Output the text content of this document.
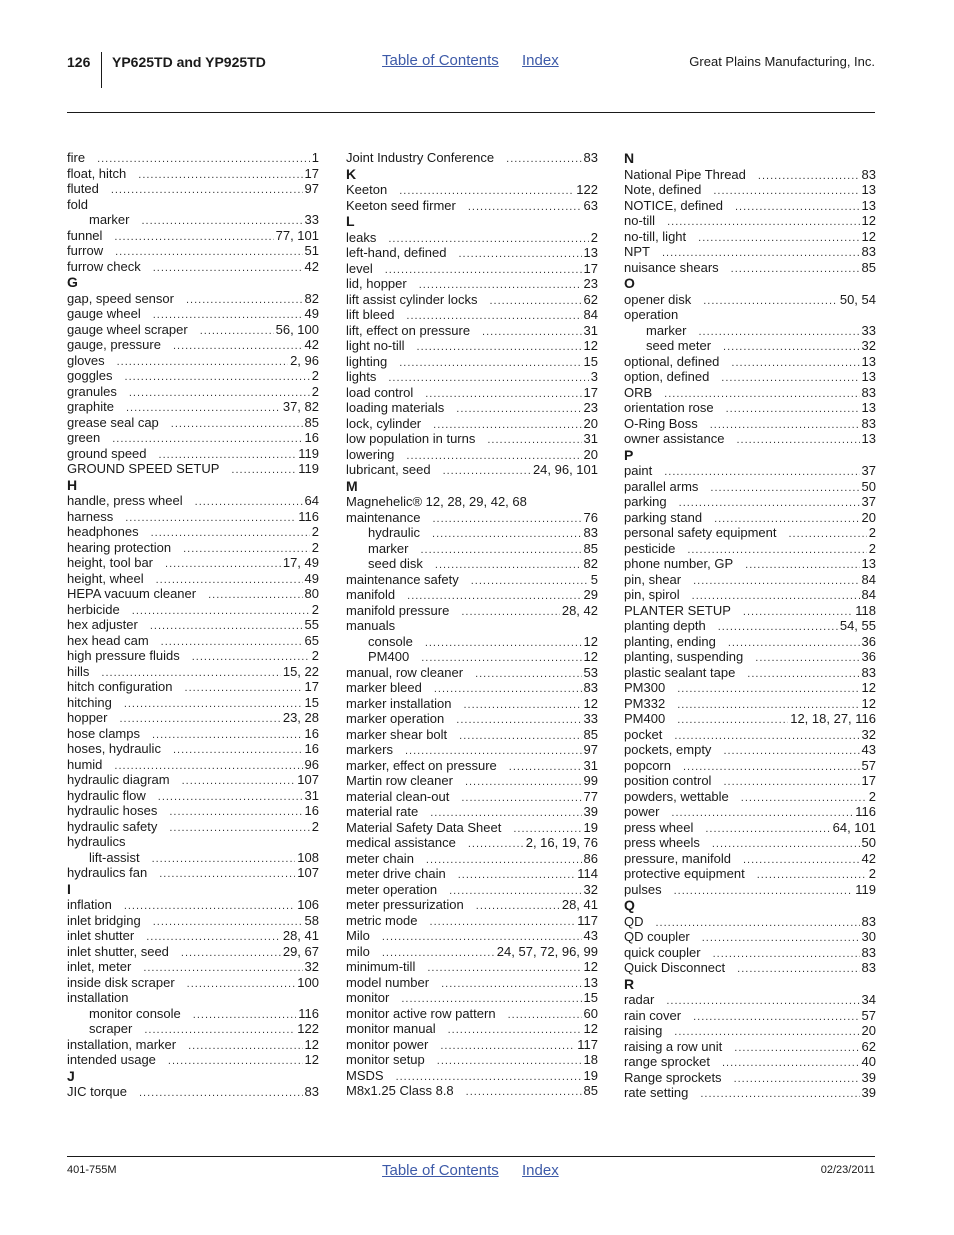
126 YP625TD and YP925TD	Table of Contents Index	Great Plains Manufacturing, Inc.
fire .....	1
float, hitch .....	17
fluted .....	97
fold
marker .....	33
funnel .....	77, 101
furrow .....	51
furrow check .....	42
G
gap, speed sensor .....	82
gauge wheel .....	49
gauge wheel scraper .....	56, 100
gauge, pressure .....	42
gloves .....	2, 96
goggles .....	2
granules .....	2
graphite .....	37, 82
grease seal cap .....	85
green .....	16
ground speed .....	119
GROUND SPEED SETUP .....	119
H
handle, press wheel .....	64
harness .....	116
headphones .....	2
hearing protection .....	2
height, tool bar .....	17, 49
height, wheel .....	49
HEPA vacuum cleaner .....	80
herbicide .....	2
hex adjuster .....	55
hex head cam .....	65
high pressure fluids .....	2
hills .....	15, 22
hitch configuration .....	17
hitching .....	15
hopper .....	23, 28
hose clamps .....	16
hoses, hydraulic .....	16
humid .....	96
hydraulic diagram .....	107
hydraulic flow .....	31
hydraulic hoses .....	16
hydraulic safety .....	2
hydraulics
lift-assist .....	108
hydraulics fan .....	107
I
inflation .....	106
inlet bridging .....	58
inlet shutter .....	28, 41
inlet shutter, seed .....	29, 67
inlet, meter .....	32
inside disk scraper .....	100
installation
monitor console .....	116
scraper .....	122
installation, marker .....	12
intended usage .....	12
J
JIC torque .....	83
Joint Industry Conference .....	83
K
Keeton .....	122
Keeton seed firmer .....	63
L
leaks .....	2
left-hand, defined .....	13
level .....	17
lid, hopper .....	23
lift assist cylinder locks .....	62
lift bleed .....	84
lift, effect on pressure .....	31
light no-till .....	12
lighting .....	15
lights .....	3
load control .....	17
loading materials .....	23
lock, cylinder .....	20
low population in turns .....	31
lowering .....	20
lubricant, seed .....	24, 96, 101
M
Magnehelic® 12, 28, 29, 42, 68
maintenance .....	76
hydraulic .....	83
marker .....	85
seed disk .....	82
maintenance safety .....	5
manifold .....	29
manifold pressure .....	28, 42
manuals
console .....	12
PM400 .....	12
manual, row cleaner .....	53
marker bleed .....	83
marker installation .....	12
marker operation .....	33
marker shear bolt .....	85
markers .....	97
marker, effect on pressure .....	31
Martin row cleaner .....	99
material clean-out .....	77
material rate .....	39
Material Safety Data Sheet .....	19
medical assistance .....	2, 16, 19, 76
meter chain .....	86
meter drive chain .....	114
meter operation .....	32
meter pressurization .....	28, 41
metric mode .....	117
Milo .....	43
milo .....	24, 57, 72, 96, 99
minimum-till .....	12
model number .....	13
monitor .....	15
monitor active row pattern .....	60
monitor manual .....	12
monitor power .....	117
monitor setup .....	18
MSDS .....	19
M8x1.25 Class 8.8 .....	85
N
National Pipe Thread .....	83
Note, defined .....	13
NOTICE, defined .....	13
no-till .....	12
no-till, light .....	12
NPT .....	83
nuisance shears .....	85
O
opener disk .....	50, 54
operation
marker .....	33
seed meter .....	32
optional, defined .....	13
option, defined .....	13
ORB .....	83
orientation rose .....	13
O-Ring Boss .....	83
owner assistance .....	13
P
paint .....	37
parallel arms .....	50
parking .....	37
parking stand .....	20
personal safety equipment .....	2
pesticide .....	2
phone number, GP .....	13
pin, shear .....	84
pin, spirol .....	84
PLANTER SETUP .....	118
planting depth .....	54, 55
planting, ending .....	36
planting, suspending .....	36
plastic sealant tape .....	83
PM300 .....	12
PM332 .....	12
PM400 .....	12, 18, 27, 116
pocket .....	32
pockets, empty .....	43
popcorn .....	57
position control .....	17
powders, wettable .....	2
power .....	116
press wheel .....	64, 101
press wheels .....	50
pressure, manifold .....	42
protective equipment .....	2
pulses .....	119
Q
QD .....	83
QD coupler .....	30
quick coupler .....	83
Quick Disconnect .....	83
R
radar .....	34
rain cover .....	57
raising .....	20
raising a row unit .....	62
range sprocket .....	40
Range sprockets .....	39
rate setting .....	39
401-755M	Table of Contents Index	02/23/2011
